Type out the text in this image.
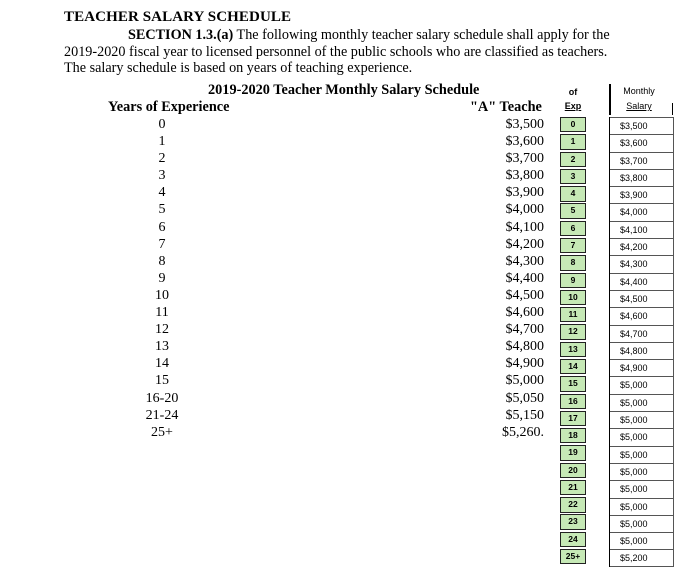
TEACHER SALARY SCHEDULE
SECTION 1.3.(a) The following monthly teacher salary schedule shall apply for the
2019-2020 fiscal year to licensed personnel of the public schools who are classified as teachers.
The salary schedule is based on years of teaching experience.
2019-2020 Teacher Monthly Salary Schedule
Years of Experience	"A" Teache
0
1
2
3
4
5
6
7
8
9
10
11
12
13
14
15
16-20
21-24
25+
$3,500
$3,600
$3,700
$3,800
$3,900
$4,000
$4,100
$4,200
$4,300
$4,400
$4,500
$4,600
$4,700
$4,800
$4,900
$5,000
$5,050
$5,150
$5,260.
of
Exp
Monthly
Salary
0
1
2
3
4
5
6
7
8
9
10
11
12
13
14
15
16
17
18
19
20
21
22
23
24
25+
$3,500
$3,600
$3,700
$3,800
$3,900
$4,000
$4,100
$4,200
$4,300
$4,400
$4,500
$4,600
$4,700
$4,800
$4,900
$5,000
$5,000
$5,000
$5,000
$5,000
$5,000
$5,000
$5,000
$5,000
$5,000
$5,200
